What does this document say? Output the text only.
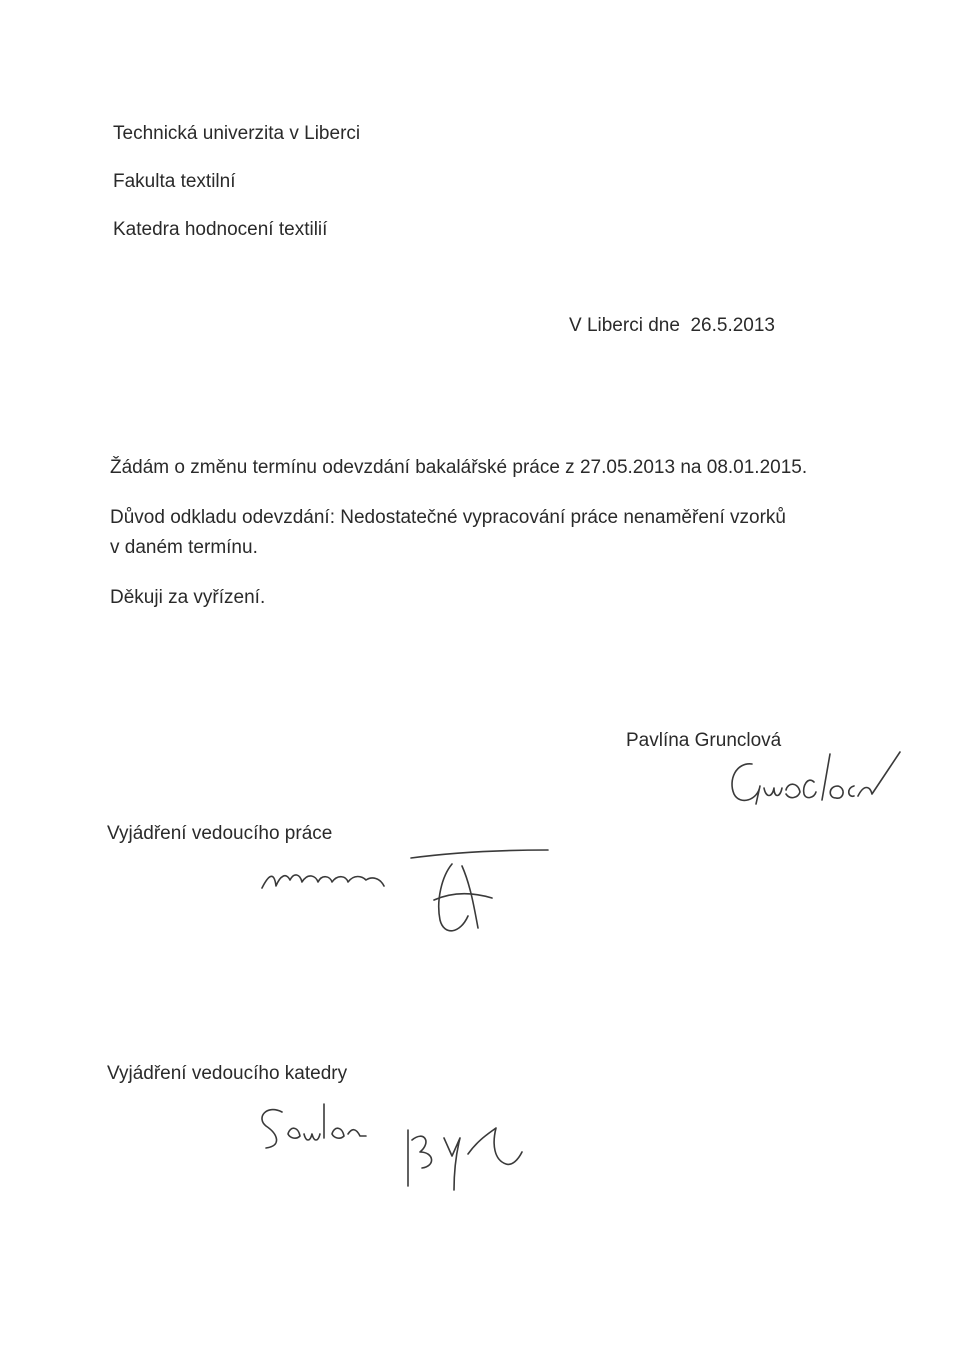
Technická univerzita v Liberci
Fakulta textilní
Katedra hodnocení textilií
V Liberci dne  26.5.2013
Žádám o změnu termínu odevzdání bakalářské práce z 27.05.2013 na 08.01.2015.
Důvod odkladu odevzdání: Nedostatečné vypracování práce nenaměření vzorků
v daném termínu.
Děkuji za vyřízení.
Pavlína Grunclová
Vyjádření vedoucího práce
Vyjádření vedoucího katedry
